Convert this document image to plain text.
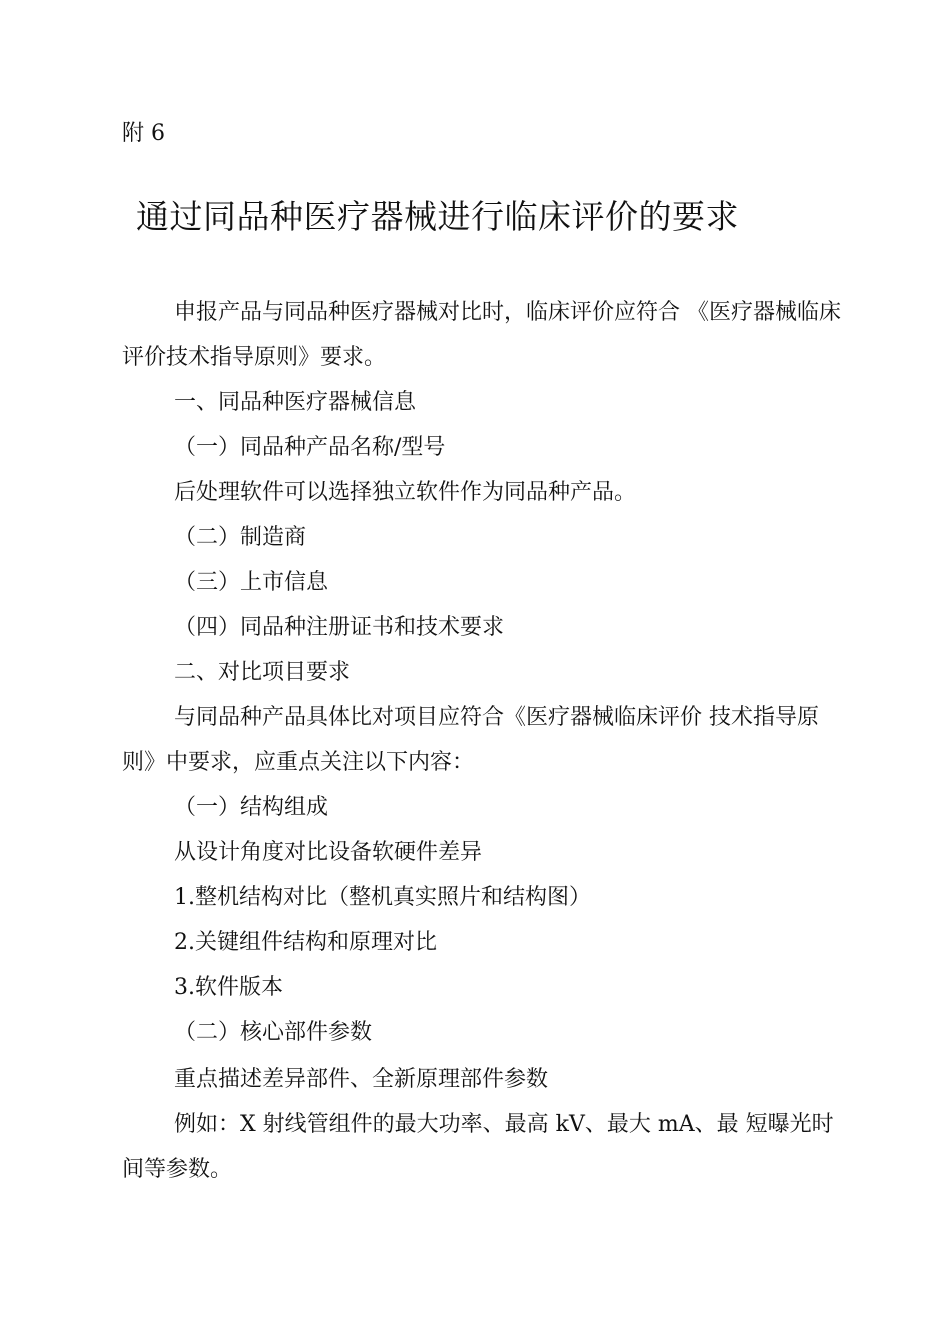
附 6
通过同品种医疗器械进行临床评价的要求

申报产品与同品种医疗器械对比时，临床评价应符合 《医疗器械临床评价技术指导原则》要求。

一、同品种医疗器械信息

（一）同品种产品名称/型号

后处理软件可以选择独立软件作为同品种产品。

（二）制造商

（三）上市信息

（四）同品种注册证书和技术要求

二、对比项目要求

与同品种产品具体比对项目应符合《医疗器械临床评价 技术指导原则》中要求，应重点关注以下内容：

（一）结构组成

从设计角度对比设备软硬件差异

1.整机结构对比（整机真实照片和结构图）

2.关键组件结构和原理对比

3.软件版本

（二）核心部件参数

重点描述差异部件、全新原理部件参数

例如：X 射线管组件的最大功率、最高 kV、最大 mA、最 短曝光时间等参数。
